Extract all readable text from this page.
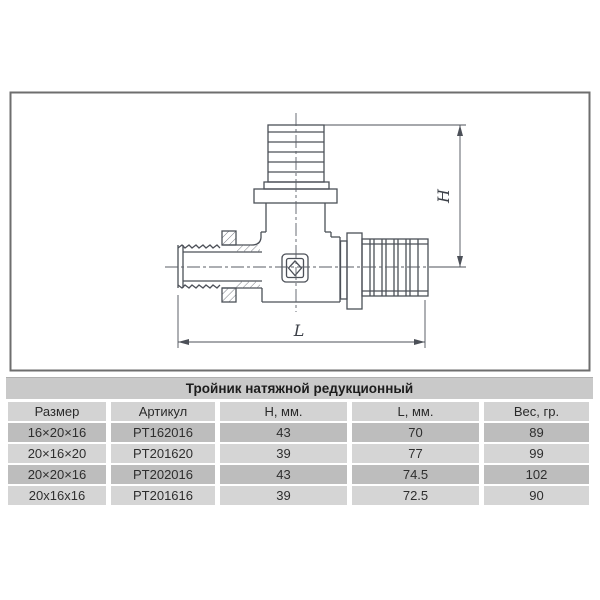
H
L
Тройник натяжной редукционный
Размер	Артикул	Н, мм.	L, мм.	Вес, гр.
16×20×16	PT162016	43	70	89
20×16×20	PT201620	39	77	99
20×20×16	PT202016	43	74.5	102
20x16x16	PT201616	39	72.5	90
